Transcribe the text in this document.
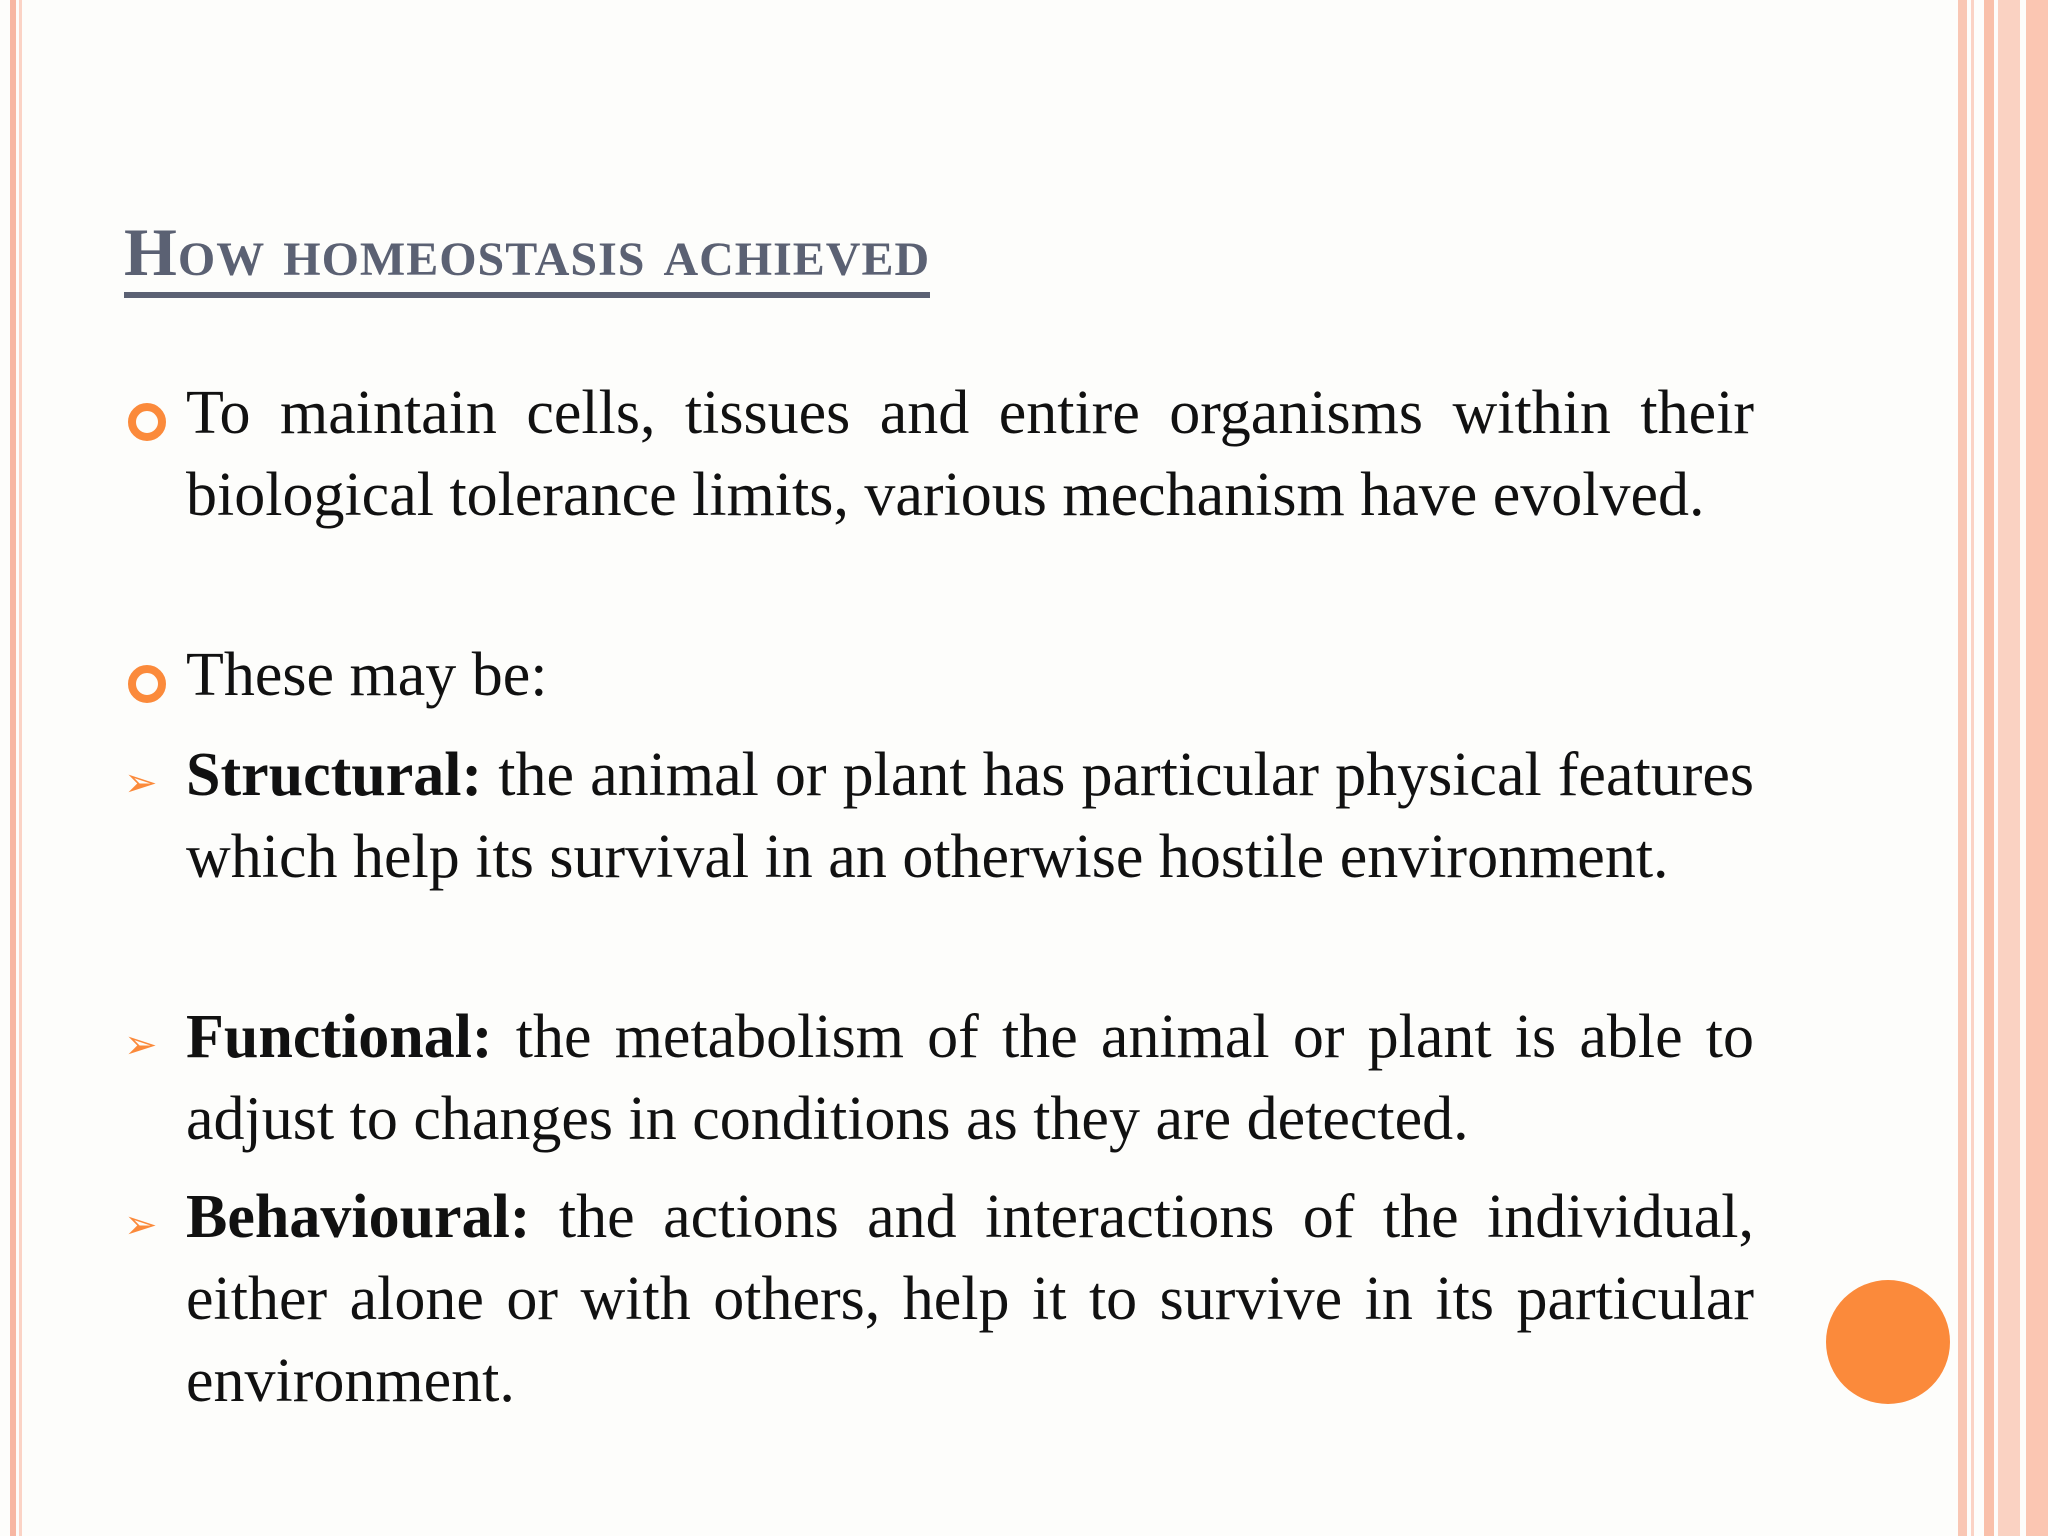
How homeostasis achieved
To maintain cells, tissues and entire organisms within their biological tolerance limits, various mechanism have evolved.
These may be:
➢ Structural: the animal or plant has particular physical features which help its survival in an otherwise hostile environment.
➢ Functional: the metabolism of the animal or plant is able to adjust to changes in conditions as they are detected.
➢ Behavioural: the actions and interactions of the individual, either alone or with others, help it to survive in its particular environment.
